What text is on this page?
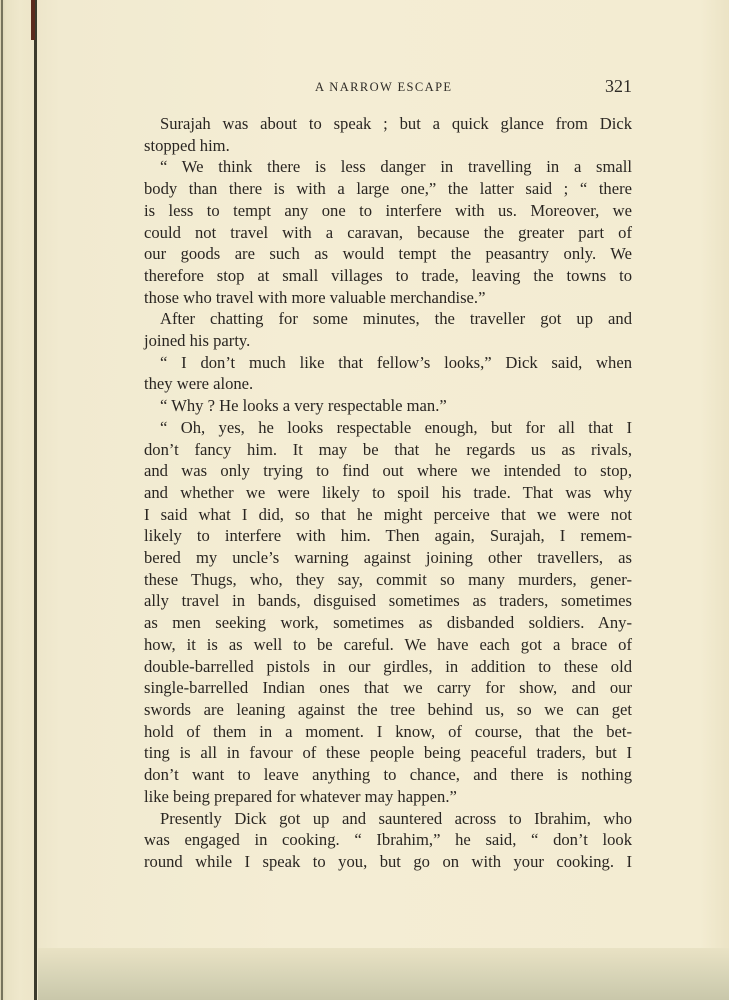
A NARROW ESCAPE	321
Surajah was about to speak ; but a quick glance from Dick
stopped him.
“ We think there is less danger in travelling in a small
body than there is with a large one,” the latter said ; “ there
is less to tempt any one to interfere with us. Moreover, we
could not travel with a caravan, because the greater part of
our goods are such as would tempt the peasantry only. We
therefore stop at small villages to trade, leaving the towns to
those who travel with more valuable merchandise.”
After chatting for some minutes, the traveller got up and
joined his party.
“ I don’t much like that fellow’s looks,” Dick said, when
they were alone.
“ Why ? He looks a very respectable man.”
“ Oh, yes, he looks respectable enough, but for all that I
don’t fancy him. It may be that he regards us as rivals,
and was only trying to find out where we intended to stop,
and whether we were likely to spoil his trade. That was why
I said what I did, so that he might perceive that we were not
likely to interfere with him. Then again, Surajah, I remem-
bered my uncle’s warning against joining other travellers, as
these Thugs, who, they say, commit so many murders, gener-
ally travel in bands, disguised sometimes as traders, sometimes
as men seeking work, sometimes as disbanded soldiers. Any-
how, it is as well to be careful. We have each got a brace of
double-barrelled pistols in our girdles, in addition to these old
single-barrelled Indian ones that we carry for show, and our
swords are leaning against the tree behind us, so we can get
hold of them in a moment. I know, of course, that the bet-
ting is all in favour of these people being peaceful traders, but I
don’t want to leave anything to chance, and there is nothing
like being prepared for whatever may happen.”
Presently Dick got up and sauntered across to Ibrahim, who
was engaged in cooking. “ Ibrahim,” he said, “ don’t look
round while I speak to you, but go on with your cooking. I
